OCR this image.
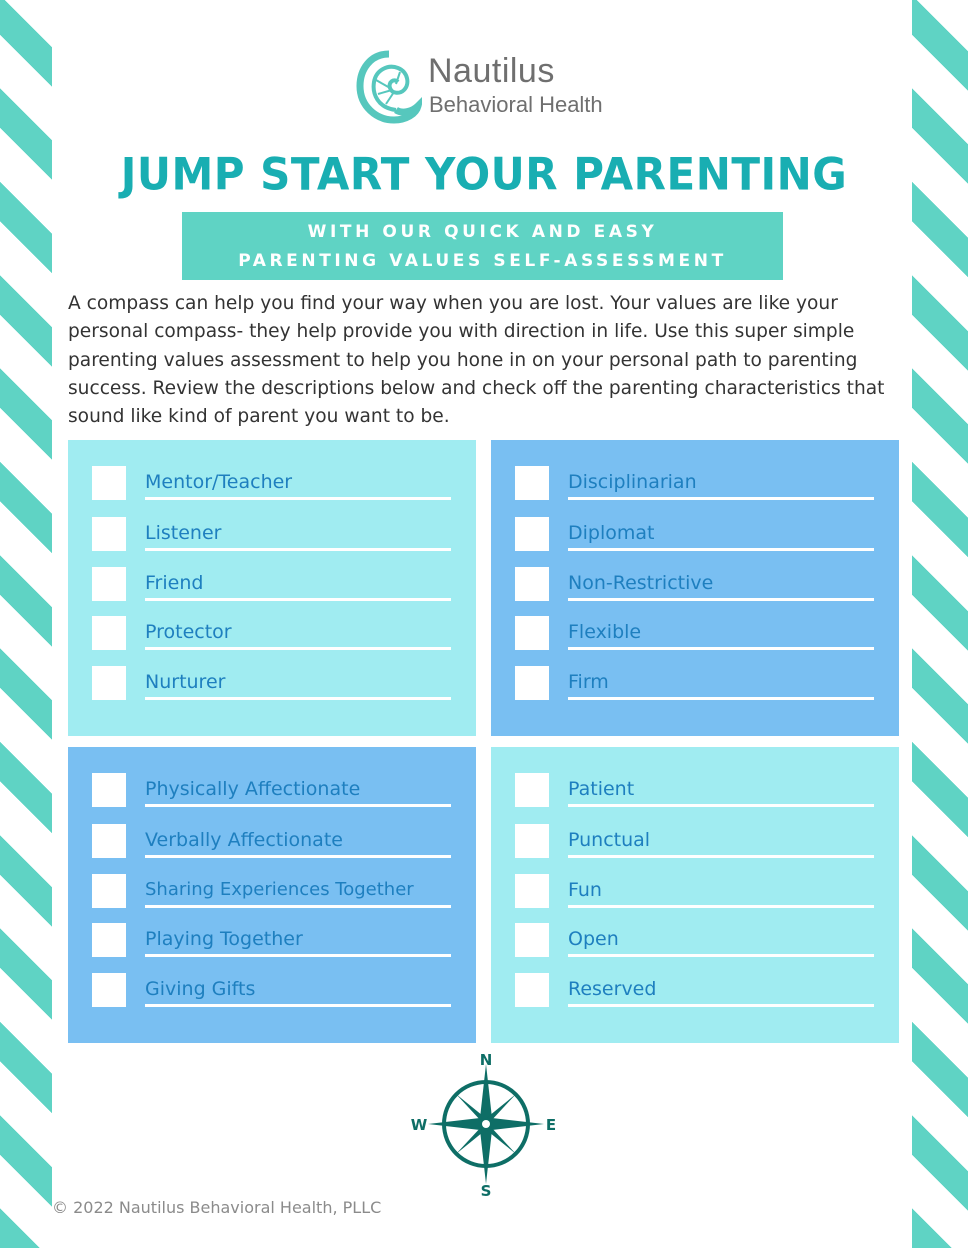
Nautilus
Behavioral Health
JUMP START YOUR PARENTING
WITH OUR QUICK AND EASY
PARENTING VALUES SELF-ASSESSMENT
A compass can help you find your way when you are lost. Your values are like your personal compass- they help provide you with direction in life. Use this super simple parenting values assessment to help you hone in on your personal path to parenting success. Review the descriptions below and check off the parenting characteristics that sound like kind of parent you want to be.
Mentor/Teacher
Listener
Friend
Protector
Nurturer
Disciplinarian
Diplomat
Non-Restrictive
Flexible
Firm
Physically Affectionate
Verbally Affectionate
Sharing Experiences Together
Playing Together
Giving Gifts
Patient
Punctual
Fun
Open
Reserved
N
S
W	E
© 2022 Nautilus Behavioral Health, PLLC
